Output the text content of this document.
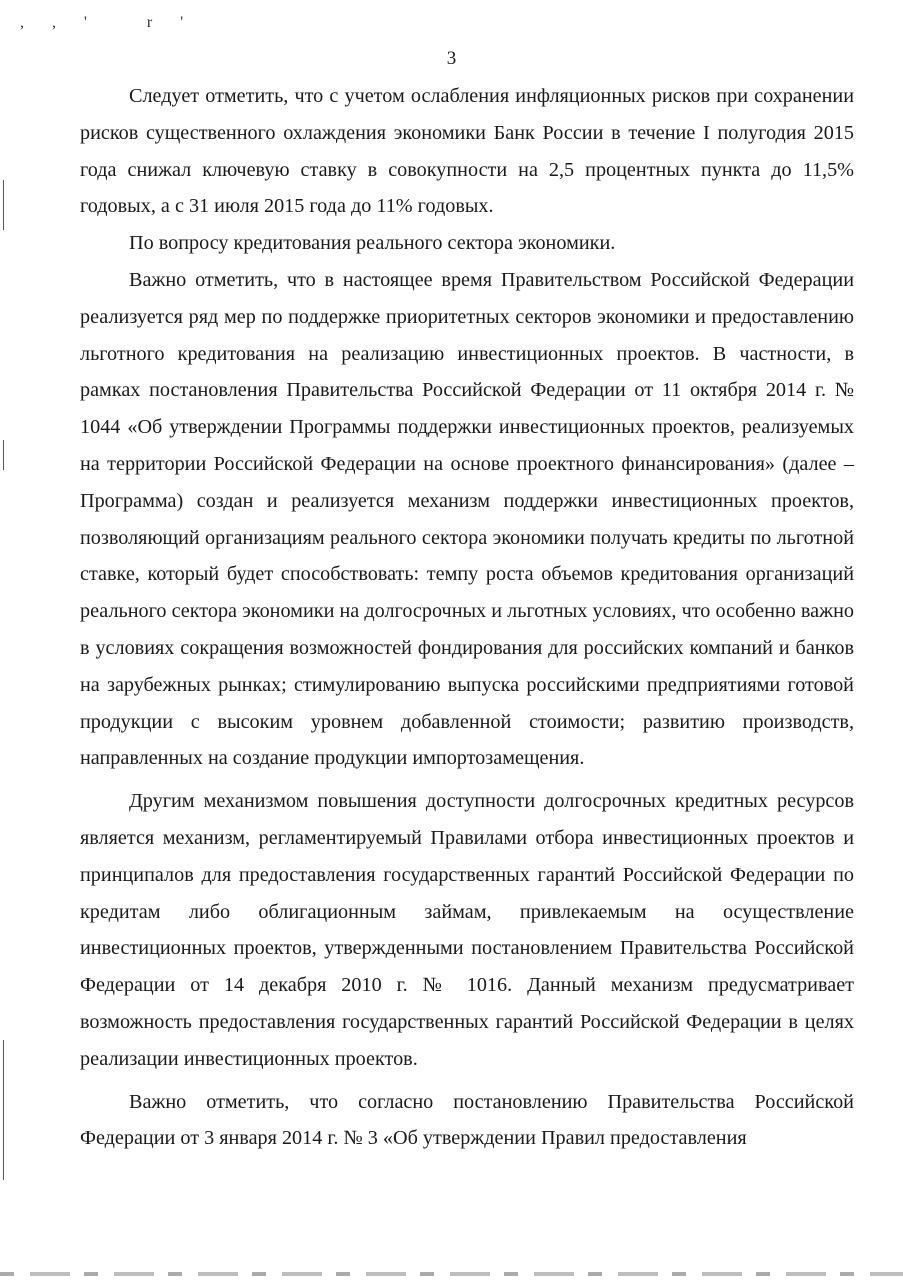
,,' r'
3

Следует отметить, что с учетом ослабления инфляционных рисков при сохранении рисков существенного охлаждения экономики Банк России в течение I полугодия 2015 года снижал ключевую ставку в совокупности на 2,5 процентных пункта до 11,5% годовых, а с 31 июля 2015 года до 11% годовых.

По вопросу кредитования реального сектора экономики.

Важно отметить, что в настоящее время Правительством Российской Федерации реализуется ряд мер по поддержке приоритетных секторов экономики и предоставлению льготного кредитования на реализацию инвестиционных проектов. В частности, в рамках постановления Правительства Российской Федерации от 11 октября 2014 г. № 1044 «Об утверждении Программы поддержки инвестиционных проектов, реализуемых на территории Российской Федерации на основе проектного финансирования» (далее – Программа) создан и реализуется механизм поддержки инвестиционных проектов, позволяющий организациям реального сектора экономики получать кредиты по льготной ставке, который будет способствовать: темпу роста объемов кредитования организаций реального сектора экономики на долгосрочных и льготных условиях, что особенно важно в условиях сокращения возможностей фондирования для российских компаний и банков на зарубежных рынках; стимулированию выпуска российскими предприятиями готовой продукции с высоким уровнем добавленной стоимости; развитию производств, направленных на создание продукции импортозамещения.

Другим механизмом повышения доступности долгосрочных кредитных ресурсов является механизм, регламентируемый Правилами отбора инвестиционных проектов и принципалов для предоставления государственных гарантий Российской Федерации по кредитам либо облигационным займам, привлекаемым на осуществление инвестиционных проектов, утвержденными постановлением Правительства Российской Федерации от 14 декабря 2010 г. № 1016. Данный механизм предусматривает возможность предоставления государственных гарантий Российской Федерации в целях реализации инвестиционных проектов.

Важно отметить, что согласно постановлению Правительства Российской Федерации от 3 января 2014 г. № 3 «Об утверждении Правил предоставления
